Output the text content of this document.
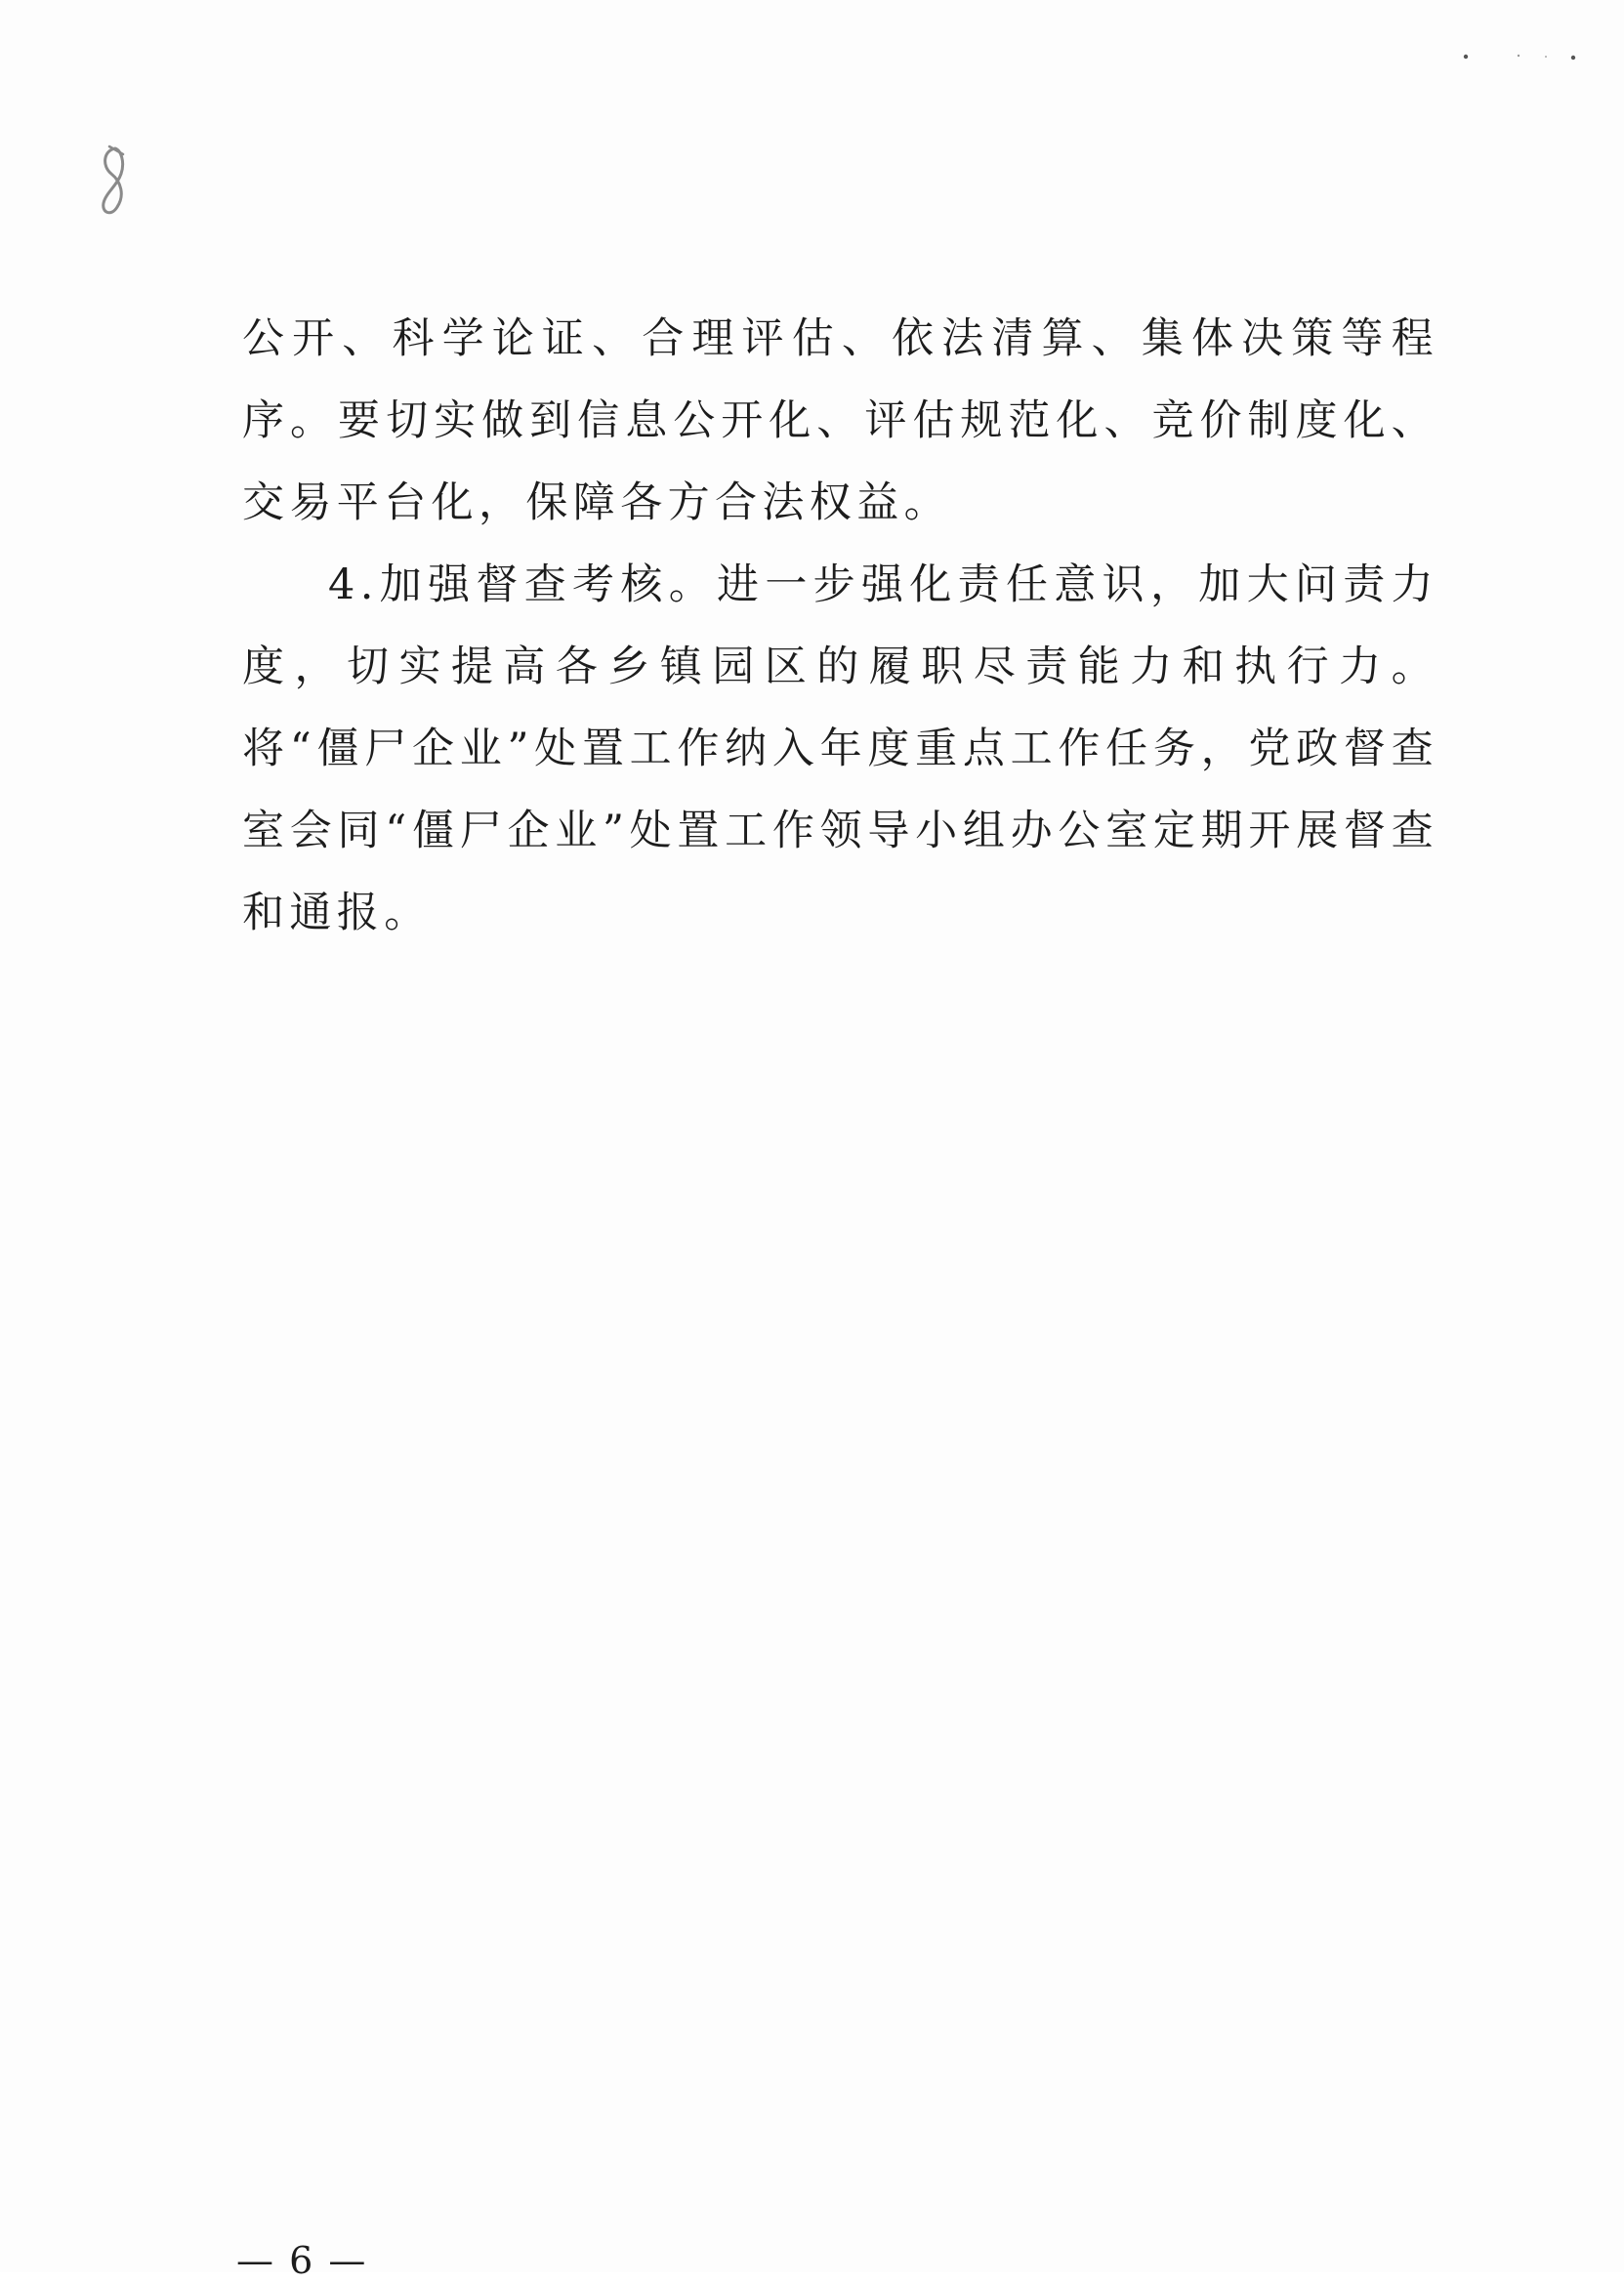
公开、科学论证、合理评估、依法清算、集体决策等程序。要切实做到信息公开化、评估规范化、竞价制度化、交易平台化，保障各方合法权益。

4.加强督查考核。进一步强化责任意识，加大问责力度，切实提高各乡镇园区的履职尽责能力和执行力。将“僵尸企业”处置工作纳入年度重点工作任务，党政督查室会同“僵尸企业”处置工作领导小组办公室定期开展督查和通报。

— 6 —
